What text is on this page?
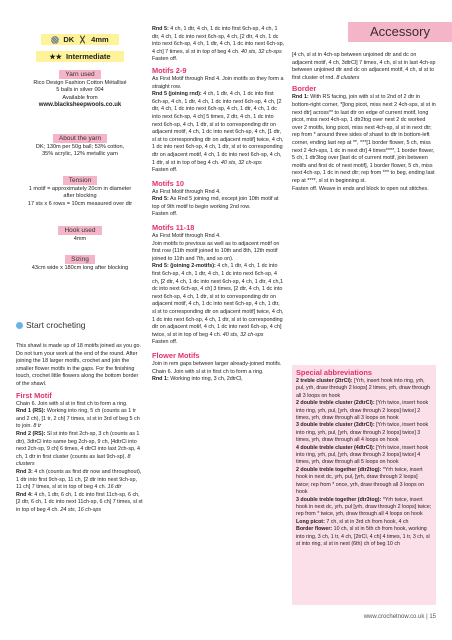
Accessory
DK 4mm
★★ Intermediate
Yarn used
Rico Design Fashion Cotton Métallisé
5 balls in silver 004
Available from
www.blacksheepwools.co.uk
About the yarn
DK; 130m per 50g ball; 53% cotton,
35% acrylic, 12% metallic yarn
Tension
1 motif = approximately 20cm in diameter
after blocking
17 sts x 6 rows = 10cm measured over dtr
Hook used
4mm
Sizing
43cm wide x 180cm long after blocking
Start crocheting
This shawl is made up of 18 motifs joined as you go. Do not turn your work at the end of the round. After joining the 18 larger motifs, crochet and join the smaller flower motifs in the gaps. For the finishing touch, crochet little flowers along the bottom border of the shawl.
First Motif
Chain 6. Join with sl st in first ch to form a ring.
Rnd 1 (RS): Working into ring, 5 ch (counts as 1 tr and 2 ch), [1 tr, 2 ch] 7 times, sl st in 3rd of beg 5 ch to join. 8 tr
Rnd 2 (RS): Sl st into first 2ch-sp, 3 ch (counts as 1 dtr), 3dtrCl into same beg 2ch-sp, 9 ch, [4dtrCl into next 2ch-sp, 9 ch] 6 times, 4 dtrCl into last 2ch-sp, 4 ch, 1 dtr in first cluster (counts as last 9ch-sp). 8 clusters
Rnd 3: 4 ch (counts as first dtr now and throughout), 1 dtr into first 9ch-sp, 11 ch, [2 dtr into next 9ch-sp, 11 ch] 7 times, sl st in top of beg 4 ch. 16 dtr
Rnd 4: 4 ch, 1 dtr, 6 ch, 1 dc into first 11ch-sp, 6 ch, [2 dtr, 6 ch, 1 dc into next 11ch-sp, 6 ch] 7 times, sl st in top of beg 4 ch. 24 sts, 16 ch-sps
Rnd 5: 4 ch, 1 dtr, 4 ch, 1 dc into first 6ch-sp, 4 ch, 1 dtr, 4 ch, 1 dc into next 6ch-sp, 4 ch, [2 dtr, 4 ch, 1 dc into next 6ch-sp, 4 ch, 1 dtr, 4 ch, 1 dc into next 6ch-sp, 4 ch] 7 times, sl st in top of beg 4 ch. 40 sts, 32 ch-sps
Fasten off.
Motifs 2-9
As First Motif through Rnd 4. Join motifs so they form a straight row.
Rnd 5 (joining rnd): 4 ch, 1 dtr, 4 ch, 1 dc into first 6ch-sp, 4 ch, 1 dtr, 4 ch, 1 dc into next 6ch-sp, 4 ch, [2 dtr, 4 ch, 1 dc into next 6ch-sp, 4 ch, 1 dtr, 4 ch, 1 dc into next 6ch-sp, 4 ch] 5 times, 2 dtr, 4 ch, 1 dc into next 6ch-sp, 4 ch, 1 dtr, sl st to corresponding dtr on adjacent motif, 4 ch, 1 dc into next 6ch-sp, 4 ch, [1 dtr, sl st to corresponding dtr on adjacent motif] twice, 4 ch, 1 dc into next 6ch-sp, 4 ch, 1 dtr, sl st to corresponding dtr on adjacent motif, 4 ch, 1 dc into next 6ch-sp, 4 ch, 1 dtr, sl st in top of beg 4 ch. 40 sts, 32 ch-sps
Fasten off.
Motifs 10
As First Motif through Rnd 4.
Rnd 5: As Rnd 5 joining rnd, except join 10th motif at top of 9th motif to begin working 2nd row.
Fasten off.
Motifs 11-18
As First Motif through Rnd 4.
Join motifs to previous as well as to adjacent motif on first row (11th motif joined to 10th and 8th, 12th motif joined to 11th and 7th, and so on).
Rnd 5: (joining 2-motifs): 4 ch, 1 dtr, 4 ch, 1 dc into first 6ch-sp, 4 ch, 1 dtr, 4 ch, 1 dc into next 6ch-sp, 4 ch, [2 dtr, 4 ch, 1 dc into next 6ch-sp, 4 ch, 1 dtr, 4 ch,1 dc into next 6ch-sp, 4 ch] 3 times, [2 dtr, 4 ch, 1 dc into next 6ch-sp, 4 ch, 1 dtr, sl st to corresponding dtr on adjacent motif, 4 ch, 1 dc into next 6ch-sp, 4 ch, 1 dtr, sl st to corresponding dtr on adjacent motif] twice, 4 ch, 1 dc into next 6ch-sp, 4 ch, 1 dtr, sl st to corresponding dtr on adjacent motif, 4 ch, 1 dc into next 6ch-sp, 4 ch] twice, sl st in top of beg 4 ch. 40 sts, 32 ch-sps
Fasten off.
Flower Motifs
Join in rem gaps between larger already-joined motifs. Chain 6. Join with sl st in first ch to form a ring.
Rnd 1: Working into ring, 3 ch, 2dtrCl,
[4 ch, sl st in 4ch-sp between unjoined dtr and dc on adjacent motif, 4 ch, 3dtrCl] 7 times, 4 ch, sl st in last 4ch-sp between unjoined dtr and dc on adjacent motif, 4 ch, sl st to first cluster of rnd. 8 clusters
Border
Rnd 1: With RS facing, join with sl st to 2nd of 2 dtr in bottom-right corner, *[long picot, miss next 2 4ch-sps, sl st in next dtr] across** to last dtr on edge of current motif, long picot, miss next 4ch-sp, 1 dtr2tog over next 2 dc worked over 2 motifs, long picot, miss next 4ch-sp, sl st in next dtr; rep from * around three sides of shawl to dtr in bottom-left corner, ending last rep at **, ***[1 border flower, 5 ch, miss next 2 4ch-sps, 1 dc in next dtr] 4 times****, 1 border flower, 5 ch, 1 dtr3tog over [last dc of current motif, join between motifs and first dc of next motif], 1 border flower, 5 ch, miss next 4ch-sp, 1 dc in next dtr; rep from *** to beg, ending last rep at ****, sl st in beginning st.
Fasten off. Weave in ends and block to open out stitches.
Special abbreviations
2 treble cluster (2trCl): [Yrh, insert hook into ring, yrh, pul, yrh, draw through 2 loops] 2 times, yrh, draw through all 3 loops on hook
2 double treble cluster (2dtrCl): [Yrh twice, insert hook into ring, yrh, pul, [yrh, draw through 2 loops] twice] 2 times, yrh, draw through all 3 loops on hook
3 double treble cluster (3dtrCl): [Yrh twice, insert hook into ring, yrh, pul, [yrh, draw through 2 loops] twice] 3 times, yrh, draw through all 4 loops on hook
4 double treble cluster (4dtrCl): [Yrh twice, insert hook into ring, yrh, pul, [yrh, draw through 2 loops] twice] 4 times, yrh, draw through all 5 loops on hook
2 double treble together (dtr2tog): *Yrh twice, insert hook in next dc, yrh, pul, [yrh, draw through 2 loops] twice; rep from * once, yrh, draw through all 3 loops on hook
3 double treble together (dtr3tog): *Yrh twice, insert hook in next dc, yrh, pul [yrh, draw through 2 loops] twice; rep from * twice, yrh, draw through all 4 loops on hook
Long picot: 7 ch, sl st in 3rd ch from hook, 4 ch
Border flower: 10 ch, sl st in 5th ch from hook, working into ring, 3 ch, 1 tr, 4 ch, [2trCl, 4 ch] 4 times, 1 tr, 3 ch, sl st into ring, sl st in next (6th) ch of beg 10 ch
www.crochetnow.co.uk | 15
